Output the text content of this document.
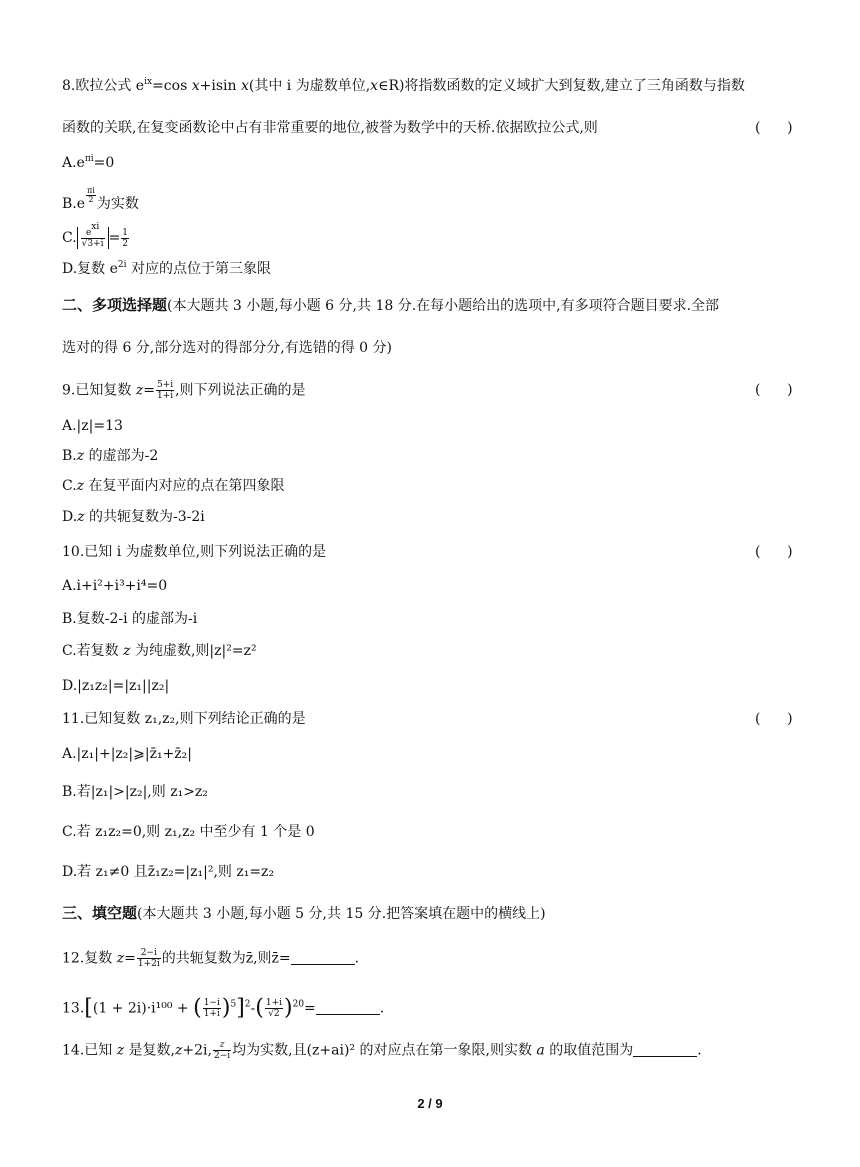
8.欧拉公式 $e^{ix}=\cos$ x+isin x(其中 i 为虚数单位,x∈R)将指数函数的定义域扩大到复数,建立了三角函数与指数
函数的关联,在复变函数论中占有非常重要的地位,被誉为数学中的天桥.依据欧拉公式,则	(      )
$A.e^{\pi i}=0$
$B.e \frac{\pi i}{2}$ 为实数
C. $\frac{e^{xi}}{√3+i} = \frac{1}{2}$
D.复数 $e^{2i}$ 对应的点位于第三象限
二、多项选择题(本大题共 3 小题,每小题 6 分,共 18 分.在每小题给出的选项中,有多项符合题目要求.全部
选对的得 6 分,部分选对的得部分分,有选错的得 0 分)
9.已知复数 $z= \frac{5+i}{1+i}$ ,则下列说法正确的是	(      )
A.|z|=13
B.z 的虚部为-2
C.z 在复平面内对应的点在第四象限
D.z 的共轭复数为-3-2i
10.已知 i 为虚数单位,则下列说法正确的是	(      )
A.i+i²+i³+i⁴=0
B.复数-2-i 的虚部为-i
C.若复数 z 为纯虚数,则|z|²=z²
D.|z₁z₂|=|z₁||z₂|
11.已知复数 z₁,z₂,则下列结论正确的是	(      )
A.|z₁|+|z₂|⩾|z̄₁+z̄₂|
B.若|z₁|>|z₂|,则 z₁>z₂
C.若 z₁z₂=0,则 z₁,z₂ 中至少有 1 个是 0
D.若 z₁≠0 且z̄₁z₂=|z₁|²,则 z₁=z₂
三、填空题(本大题共 3 小题,每小题 5 分,共 15 分.把答案填在题中的横线上)
12.复数 $z= \frac{2-i}{1+2i}$ 的共轭复数为z̄,则z̄=	.
13.[(1 + 2i)·i¹⁰⁰ + ( $\frac{1-i}{1+i} )^5]^2-( \frac{1+i}{√2} )^{20}=$	.
14.已知 z 是复数,z+2i, $\frac{z}{2-i}$ 均为实数,且(z+ai)² 的对应点在第一象限,则实数 a 的取值范围为	.
2 / 9
